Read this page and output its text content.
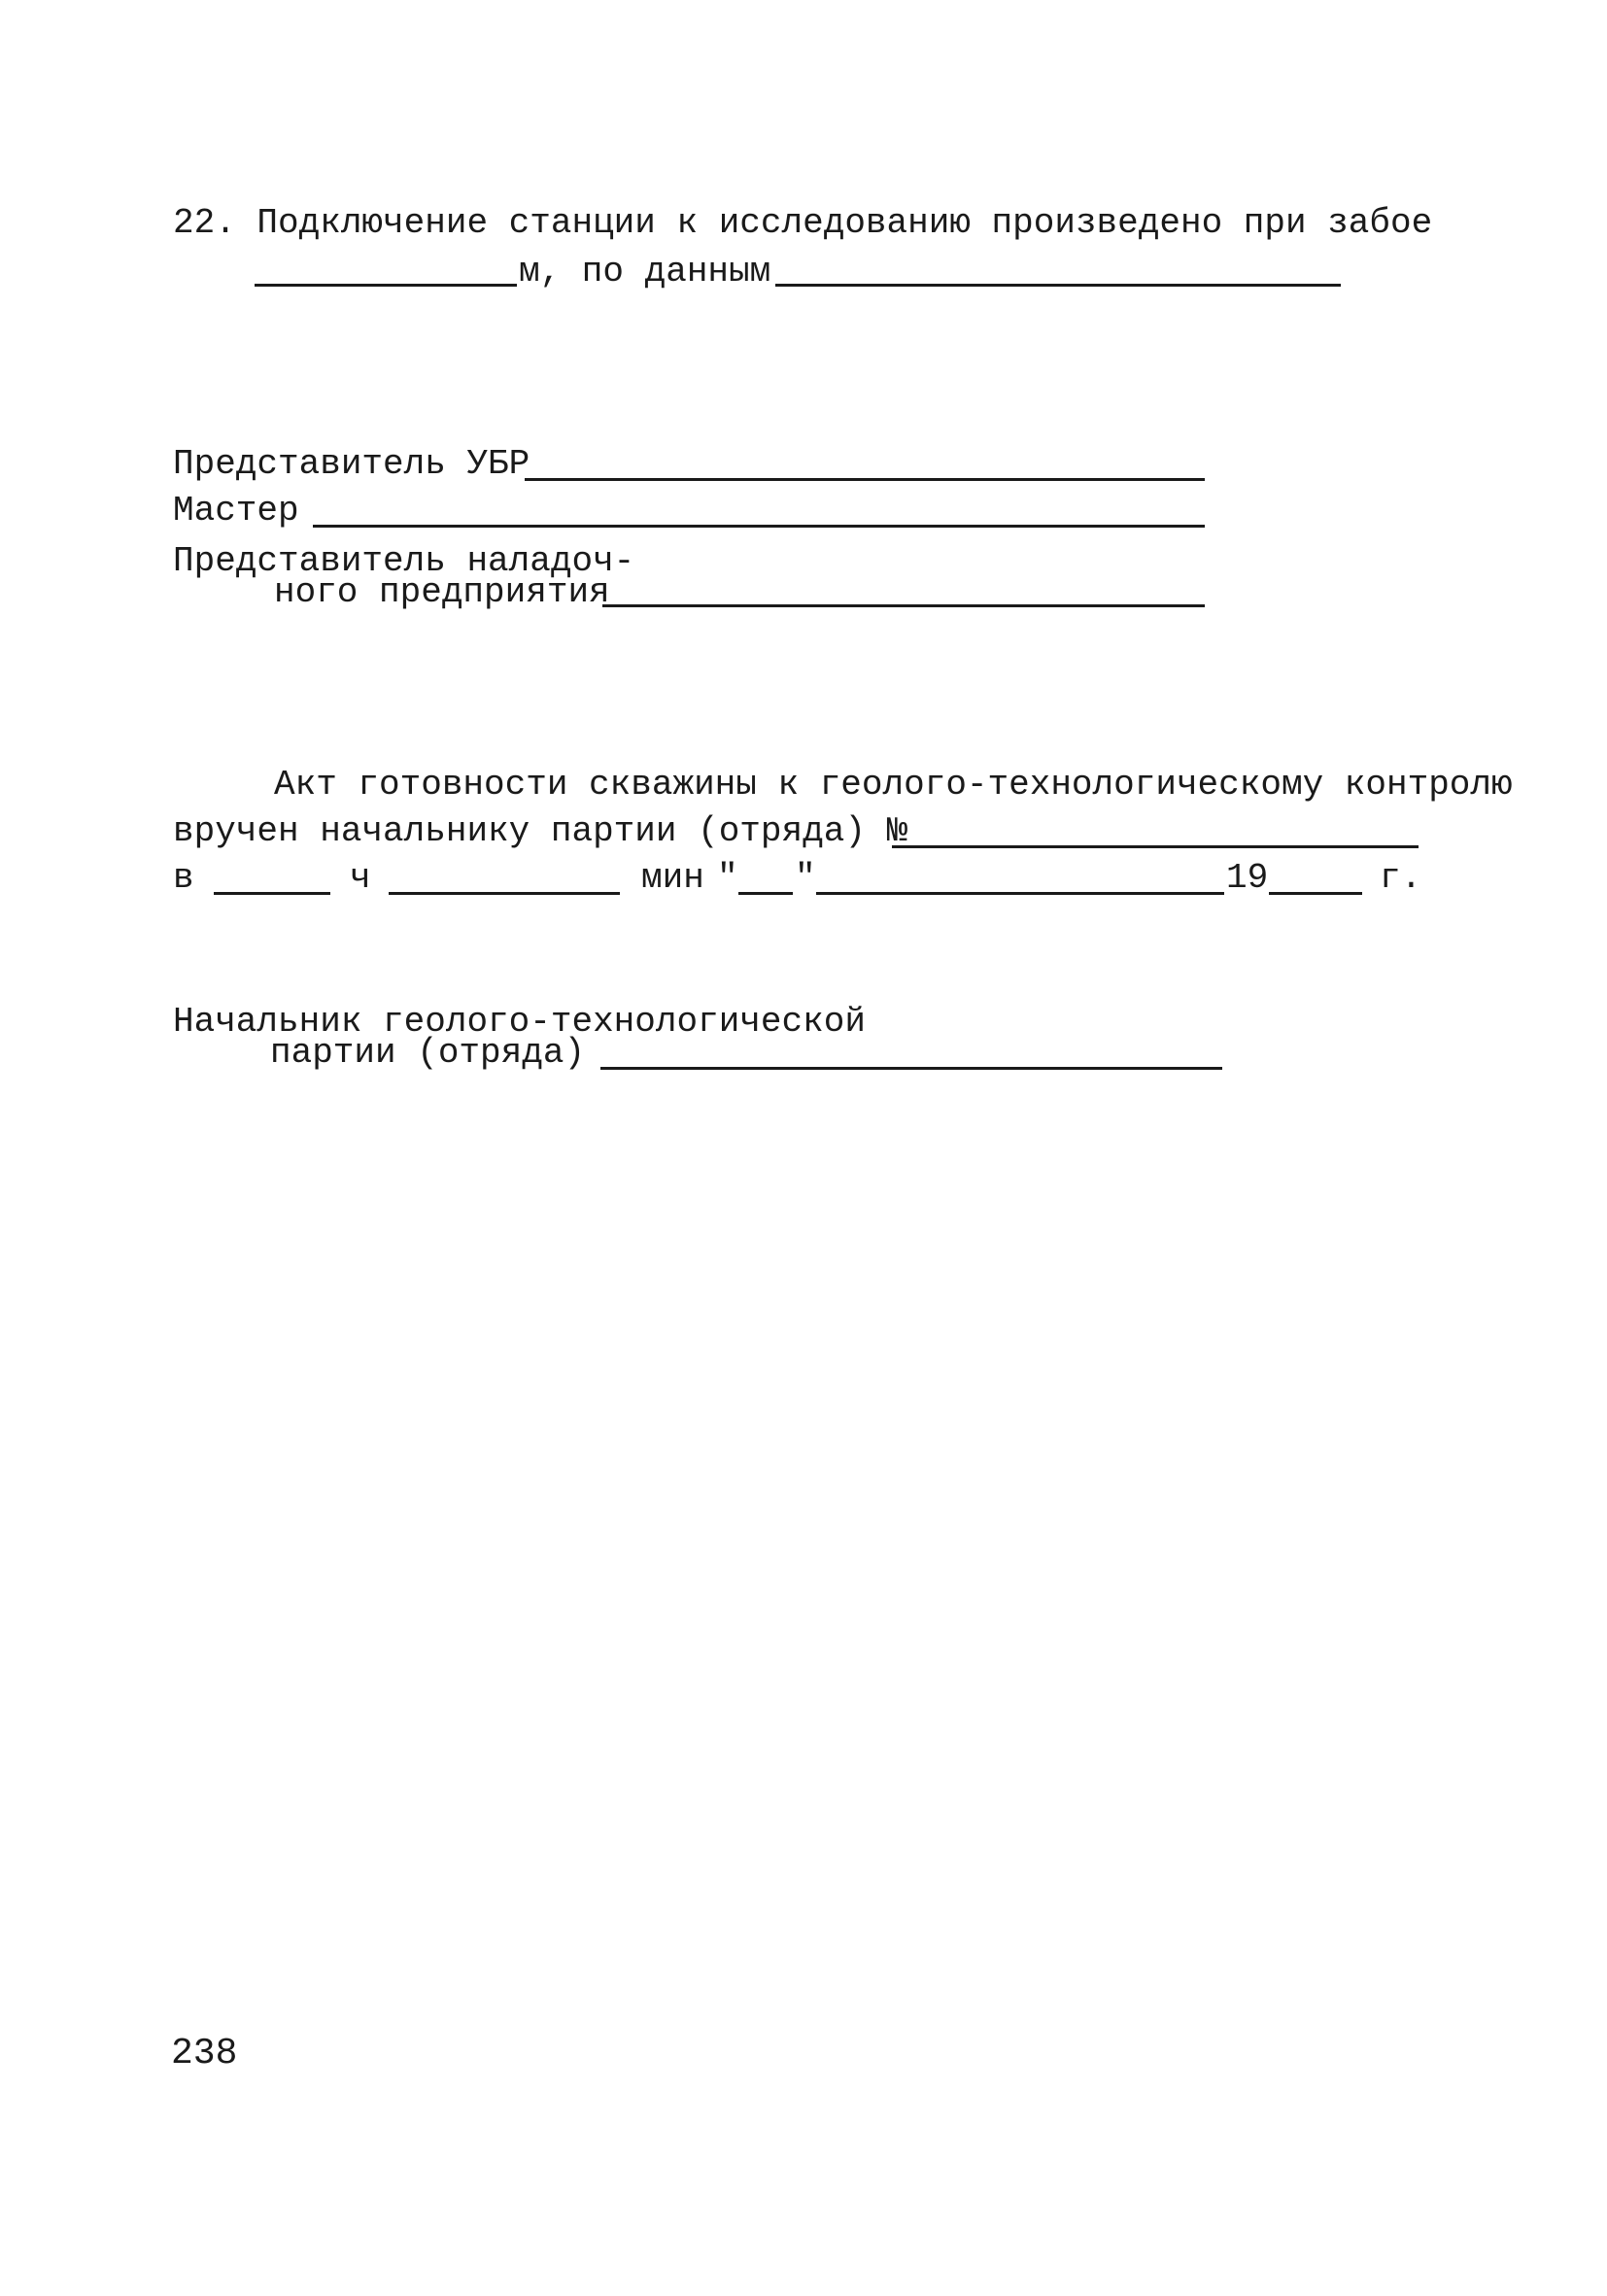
22. Подключение станции к исследованию произведено при забое
м, по данным
Представитель УБР
Мастер
Представитель наладоч-
ного предприятия
Акт готовности скважины к геолого-технологическому контролю
вручен начальнику партии (отряда) №
в	ч	мин " "	19	г.
Начальник геолого-технологической
партии (отряда)
238
